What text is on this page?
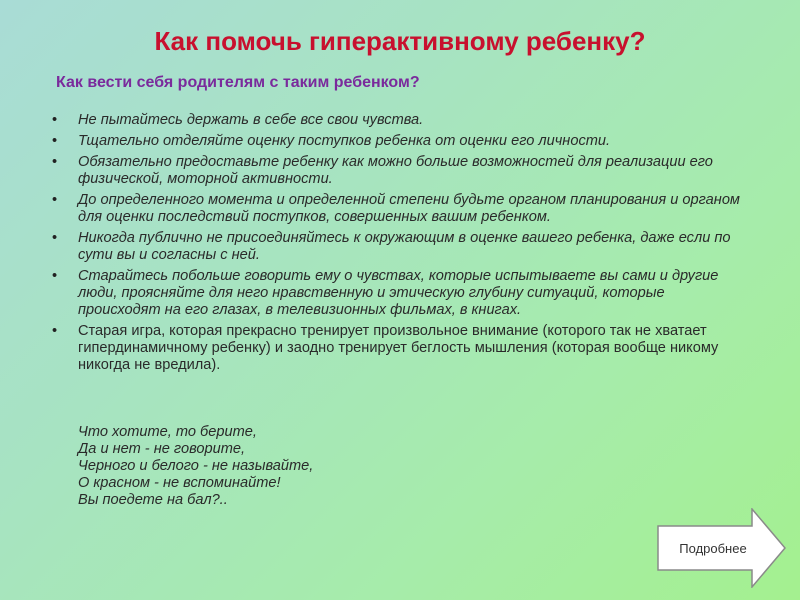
Как помочь гиперактивному ребенку?
Как вести себя родителям с таким ребенком?
• Не пытайтесь держать в себе все свои чувства.
• Тщательно отделяйте оценку поступков ребенка от оценки его личности.
• Обязательно предоставьте ребенку как можно больше возможностей для реализации его физической, моторной активности.
• До определенного момента и определенной степени будьте органом планирования и органом для оценки последствий поступков, совершенных вашим ребенком.
• Никогда публично не присоединяйтесь к окружающим в оценке вашего ребенка, даже если по сути вы и согласны с ней.
• Старайтесь побольше говорить ему о чувствах, которые испытываете вы сами и другие люди, проясняйте для него нравственную и этическую глубину ситуаций, которые происходят на его глазах, в телевизионных фильмах, в книгах.
• Старая игра, которая прекрасно тренирует произвольное внимание (которого так не хватает гипердинамичному ребенку) и заодно тренирует беглость мышления (которая вообще никому никогда не вредила).
Что хотите, то берите,
Да и нет - не говорите,
Черного и белого - не называйте,
О красном - не вспоминайте!
Вы поедете на бал?..
Подробнее
